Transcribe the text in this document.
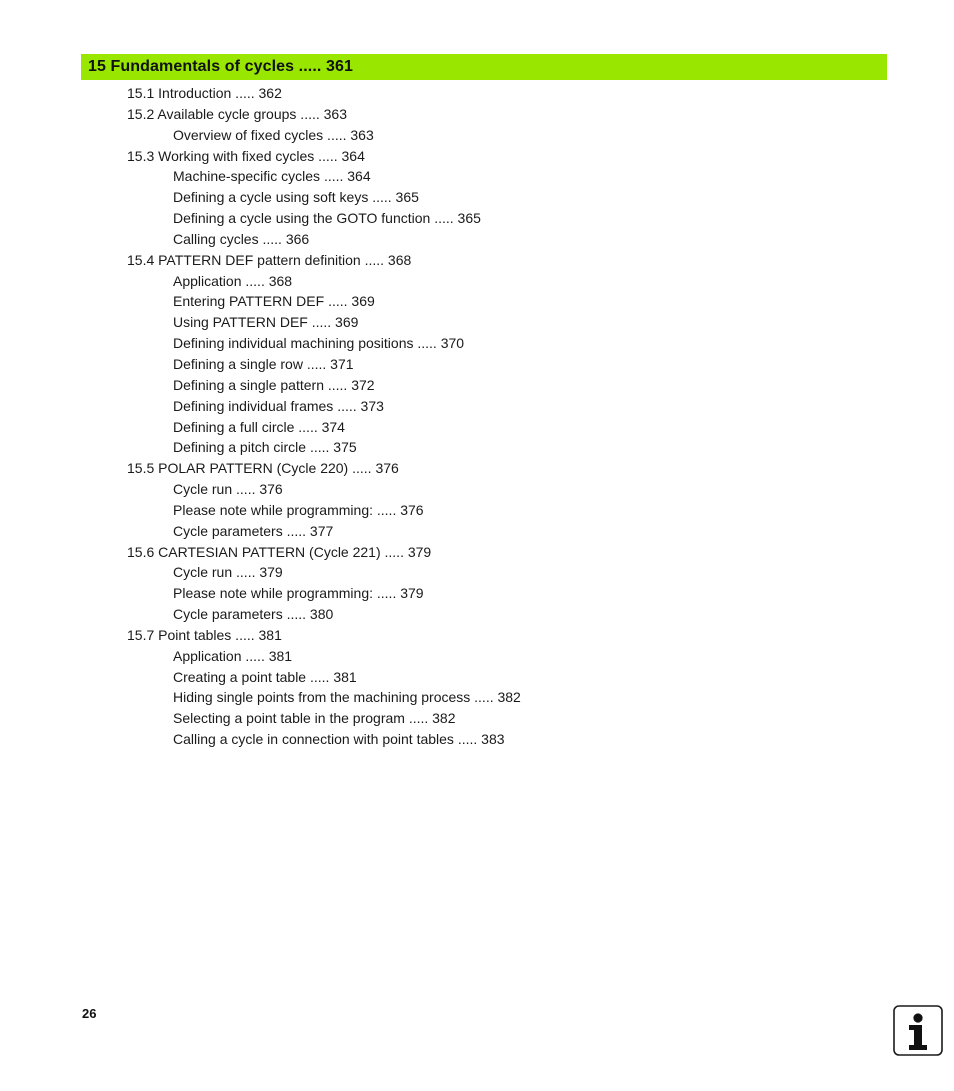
15 Fundamentals of cycles ..... 361
15.1 Introduction ..... 362
15.2 Available cycle groups ..... 363
Overview of fixed cycles ..... 363
15.3 Working with fixed cycles ..... 364
Machine-specific cycles ..... 364
Defining a cycle using soft keys ..... 365
Defining a cycle using the GOTO function ..... 365
Calling cycles ..... 366
15.4 PATTERN DEF pattern definition ..... 368
Application ..... 368
Entering PATTERN DEF ..... 369
Using PATTERN DEF ..... 369
Defining individual machining positions ..... 370
Defining a single row ..... 371
Defining a single pattern ..... 372
Defining individual frames ..... 373
Defining a full circle ..... 374
Defining a pitch circle ..... 375
15.5 POLAR PATTERN (Cycle 220) ..... 376
Cycle run ..... 376
Please note while programming: ..... 376
Cycle parameters ..... 377
15.6 CARTESIAN PATTERN (Cycle 221) ..... 379
Cycle run ..... 379
Please note while programming: ..... 379
Cycle parameters ..... 380
15.7 Point tables ..... 381
Application ..... 381
Creating a point table ..... 381
Hiding single points from the machining process ..... 382
Selecting a point table in the program ..... 382
Calling a cycle in connection with point tables ..... 383
26
